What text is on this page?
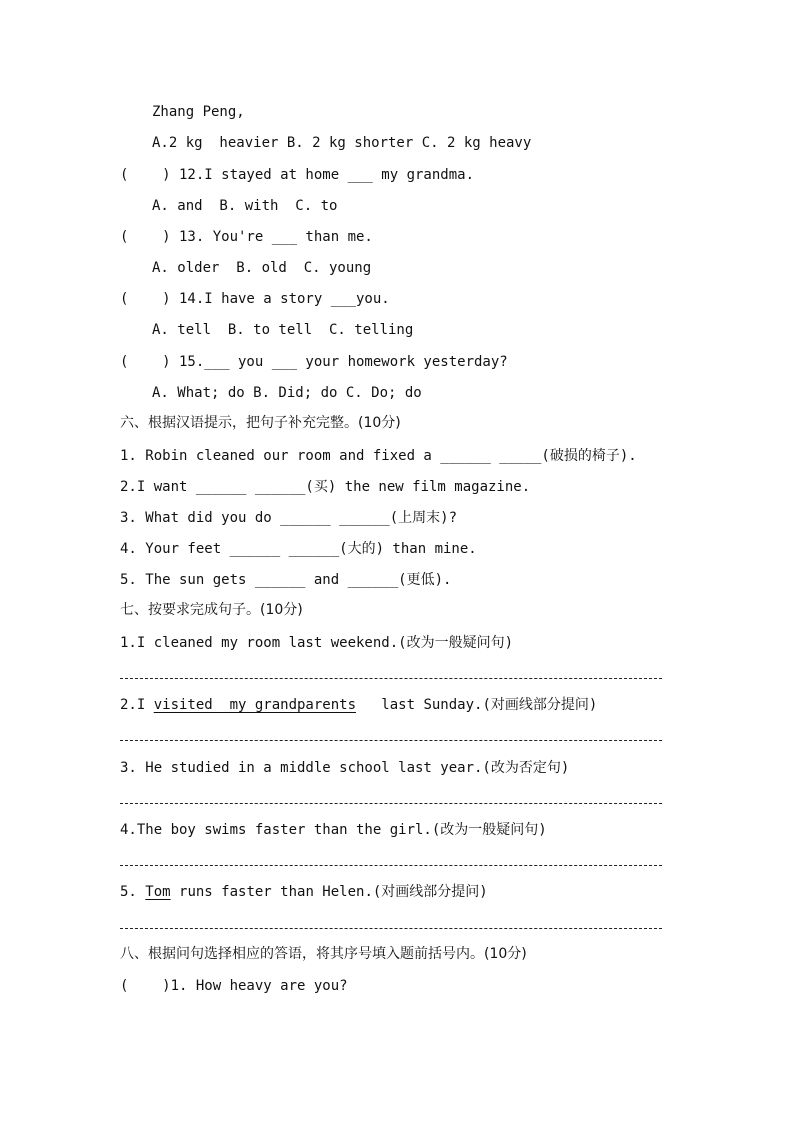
Zhang Peng,
A.2 kg  heavier B. 2 kg shorter C. 2 kg heavy
(    ) 12.I stayed at home ___ my grandma.
A. and  B. with  C. to
(    ) 13. You're ___ than me.
A. older  B. old  C. young
(    ) 14.I have a story ___you.
A. tell  B. to tell  C. telling
(    ) 15.___ you ___ your homework yesterday?
A. What; do B. Did; do C. Do; do
六、根据汉语提示，把句子补充完整。(10分)
1. Robin cleaned our room and fixed a ______ _____(破损的椅子).
2.I want ______ ______(买) the new film magazine.
3. What did you do ______ ______(上周末)?
4. Your feet ______ ______(大的) than mine.
5. The sun gets ______ and ______(更低).
七、按要求完成句子。(10分)
1.I cleaned my room last weekend.(改为一般疑问句)
2.I visited  my grandparents   last Sunday.(对画线部分提问)
3. He studied in a middle school last year.(改为否定句)
4.The boy swims faster than the girl.(改为一般疑问句)
5. Tom runs faster than Helen.(对画线部分提问)
八、根据问句选择相应的答语，将其序号填入题前括号内。(10分)
(    )1. How heavy are you?
